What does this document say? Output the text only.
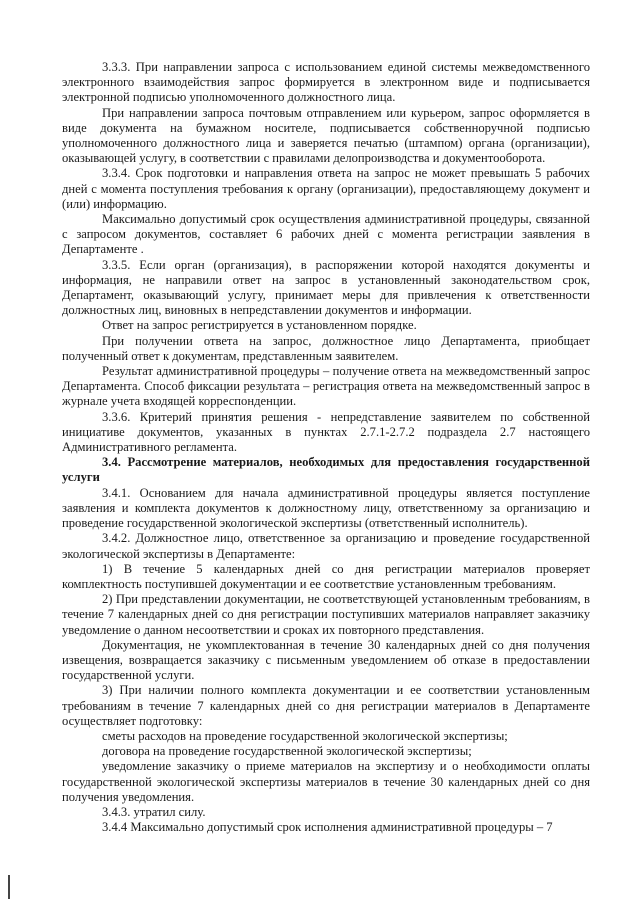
3.3.3. При направлении запроса с использованием единой системы межведомственного электронного взаимодействия запрос формируется в электронном виде и подписывается электронной подписью уполномоченного должностного лица.

При направлении запроса почтовым отправлением или курьером, запрос оформляется в виде документа на бумажном носителе, подписывается собственноручной подписью уполномоченного должностного лица и заверяется печатью (штампом) органа (организации), оказывающей услугу, в соответствии с правилами делопроизводства и документооборота.

3.3.4. Срок подготовки и направления ответа на запрос не может превышать 5 рабочих дней с момента поступления требования к органу (организации), предоставляющему документ и (или) информацию.

Максимально допустимый срок осуществления административной процедуры, связанной с запросом документов, составляет 6 рабочих дней с момента регистрации заявления в Департаменте .

3.3.5. Если орган (организация), в распоряжении которой находятся документы и информация, не направили ответ на запрос в установленный законодательством срок, Департамент, оказывающий услугу, принимает меры для привлечения к ответственности должностных лиц, виновных в непредставлении документов и информации.

Ответ на запрос регистрируется в установленном порядке.

При получении ответа на запрос, должностное лицо Департамента, приобщает полученный ответ к документам, представленным заявителем.

Результат административной процедуры – получение ответа на межведомственный запрос Департамента. Способ фиксации результата – регистрация ответа на межведомственный запрос в журнале учета входящей корреспонденции.

3.3.6. Критерий принятия решения - непредставление заявителем по собственной инициативе документов, указанных в пунктах 2.7.1-2.7.2 подраздела 2.7 настоящего Административного регламента.

3.4. Рассмотрение материалов, необходимых для предоставления государственной услуги

3.4.1. Основанием для начала административной процедуры является поступление заявления и комплекта документов к должностному лицу, ответственному за организацию и проведение государственной экологической экспертизы (ответственный исполнитель).

3.4.2. Должностное лицо, ответственное за организацию и проведение государственной экологической экспертизы в Департаменте:

1) В течение 5 календарных дней со дня регистрации материалов проверяет комплектность поступившей документации и ее соответствие установленным требованиям.

2) При представлении документации, не соответствующей установленным требованиям, в течение 7 календарных дней со дня регистрации поступивших материалов направляет заказчику уведомление о данном несоответствии и сроках их повторного представления.

Документация, не укомплектованная в течение 30 календарных дней со дня получения извещения, возвращается заказчику с письменным уведомлением об отказе в предоставлении государственной услуги.

3) При наличии полного комплекта документации и ее соответствии установленным требованиям в течение 7 календарных дней со дня регистрации материалов в Департаменте осуществляет подготовку:

сметы расходов на проведение государственной экологической экспертизы;

договора на проведение государственной экологической экспертизы;

уведомление заказчику о приеме материалов на экспертизу и о необходимости оплаты государственной экологической экспертизы материалов в течение 30 календарных дней со дня получения уведомления.

3.4.3. утратил силу.

3.4.4 Максимально допустимый срок исполнения административной процедуры – 7
